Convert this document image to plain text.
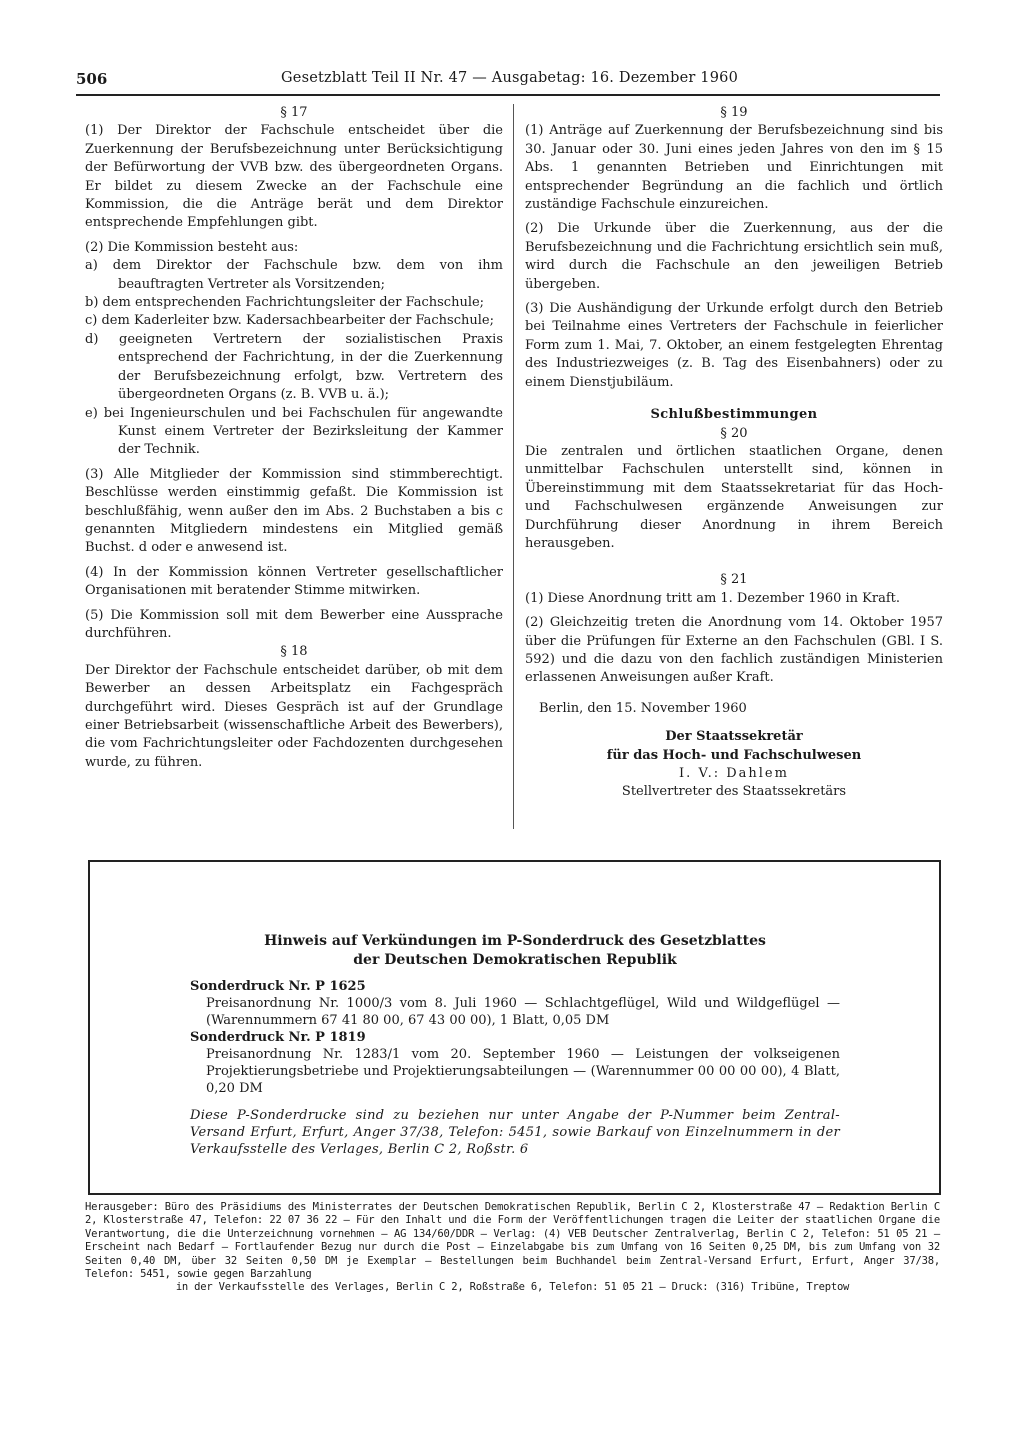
506	Gesetzblatt Teil II Nr. 47 — Ausgabetag: 16. Dezember 1960

§ 17

(1) Der Direktor der Fachschule entscheidet über die Zuerkennung der Berufsbezeichnung unter Berücksichtigung der Befürwortung der VVB bzw. des übergeordneten Organs. Er bildet zu diesem Zwecke an der Fachschule eine Kommission, die die Anträge berät und dem Direktor entsprechende Empfehlungen gibt.

(2) Die Kommission besteht aus:

a) dem Direktor der Fachschule bzw. dem von ihm beauftragten Vertreter als Vorsitzenden;

b) dem entsprechenden Fachrichtungsleiter der Fachschule;

c) dem Kaderleiter bzw. Kadersachbearbeiter der Fachschule;

d) geeigneten Vertretern der sozialistischen Praxis entsprechend der Fachrichtung, in der die Zuerkennung der Berufsbezeichnung erfolgt, bzw. Vertretern des übergeordneten Organs (z. B. VVB u. ä.);

e) bei Ingenieurschulen und bei Fachschulen für angewandte Kunst einem Vertreter der Bezirksleitung der Kammer der Technik.

(3) Alle Mitglieder der Kommission sind stimmberechtigt. Beschlüsse werden einstimmig gefaßt. Die Kommission ist beschlußfähig, wenn außer den im Abs. 2 Buchstaben a bis c genannten Mitgliedern mindestens ein Mitglied gemäß Buchst. d oder e anwesend ist.

(4) In der Kommission können Vertreter gesellschaftlicher Organisationen mit beratender Stimme mitwirken.

(5) Die Kommission soll mit dem Bewerber eine Aussprache durchführen.

§ 18

Der Direktor der Fachschule entscheidet darüber, ob mit dem Bewerber an dessen Arbeitsplatz ein Fachgespräch durchgeführt wird. Dieses Gespräch ist auf der Grundlage einer Betriebsarbeit (wissenschaftliche Arbeit des Bewerbers), die vom Fachrichtungsleiter oder Fachdozenten durchgesehen wurde, zu führen.

§ 19

(1) Anträge auf Zuerkennung der Berufsbezeichnung sind bis 30. Januar oder 30. Juni eines jeden Jahres von den im § 15 Abs. 1 genannten Betrieben und Einrichtungen mit entsprechender Begründung an die fachlich und örtlich zuständige Fachschule einzureichen.

(2) Die Urkunde über die Zuerkennung, aus der die Berufsbezeichnung und die Fachrichtung ersichtlich sein muß, wird durch die Fachschule an den jeweiligen Betrieb übergeben.

(3) Die Aushändigung der Urkunde erfolgt durch den Betrieb bei Teilnahme eines Vertreters der Fachschule in feierlicher Form zum 1. Mai, 7. Oktober, an einem festgelegten Ehrentag des Industriezweiges (z. B. Tag des Eisenbahners) oder zu einem Dienstjubiläum.

Schlußbestimmungen

§ 20

Die zentralen und örtlichen staatlichen Organe, denen unmittelbar Fachschulen unterstellt sind, können in Übereinstimmung mit dem Staatssekretariat für das Hoch- und Fachschulwesen ergänzende Anweisungen zur Durchführung dieser Anordnung in ihrem Bereich herausgeben.

§ 21

(1) Diese Anordnung tritt am 1. Dezember 1960 in Kraft.

(2) Gleichzeitig treten die Anordnung vom 14. Oktober 1957 über die Prüfungen für Externe an den Fachschulen (GBl. I S. 592) und die dazu von den fachlich zuständigen Ministerien erlassenen Anweisungen außer Kraft.

Berlin, den 15. November 1960

Der Staatssekretär

für das Hoch- und Fachschulwesen

I. V.: Dahlem

Stellvertreter des Staatssekretärs

Hinweis auf Verkündungen im P-Sonderdruck des Gesetzblattes

der Deutschen Demokratischen Republik

Sonderdruck Nr. P 1625

Preisanordnung Nr. 1000/3 vom 8. Juli 1960 — Schlachtgeflügel, Wild und Wildgeflügel — (Warennummern 67 41 80 00, 67 43 00 00), 1 Blatt, 0,05 DM

Sonderdruck Nr. P 1819

Preisanordnung Nr. 1283/1 vom 20. September 1960 — Leistungen der volkseigenen Projektierungsbetriebe und Projektierungsabteilungen — (Warennummer 00 00 00 00), 4 Blatt, 0,20 DM

Diese P-Sonderdrucke sind zu beziehen nur unter Angabe der P-Nummer beim Zentral-Versand Erfurt, Erfurt, Anger 37/38, Telefon: 5451, sowie Barkauf von Einzelnummern in der Verkaufsstelle des Verlages, Berlin C 2, Roßstr. 6

Herausgeber: Büro des Präsidiums des Ministerrates der Deutschen Demokratischen Republik, Berlin C 2, Klosterstraße 47 — Redaktion Berlin C 2, Klosterstraße 47, Telefon: 22 07 36 22 — Für den Inhalt und die Form der Veröffentlichungen tragen die Leiter der staatlichen Organe die Verantwortung, die die Unterzeichnung vornehmen — AG 134/60/DDR — Verlag: (4) VEB Deutscher Zentralverlag, Berlin C 2, Telefon: 51 05 21 — Erscheint nach Bedarf — Fortlaufender Bezug nur durch die Post — Einzelabgabe bis zum Umfang von 16 Seiten 0,25 DM, bis zum Umfang von 32 Seiten 0,40 DM, über 32 Seiten 0,50 DM je Exemplar — Bestellungen beim Buchhandel beim Zentral-Versand Erfurt, Erfurt, Anger 37/38, Telefon: 5451, sowie gegen Barzahlung

in der Verkaufsstelle des Verlages, Berlin C 2, Roßstraße 6, Telefon: 51 05 21 — Druck: (316) Tribüne, Treptow
